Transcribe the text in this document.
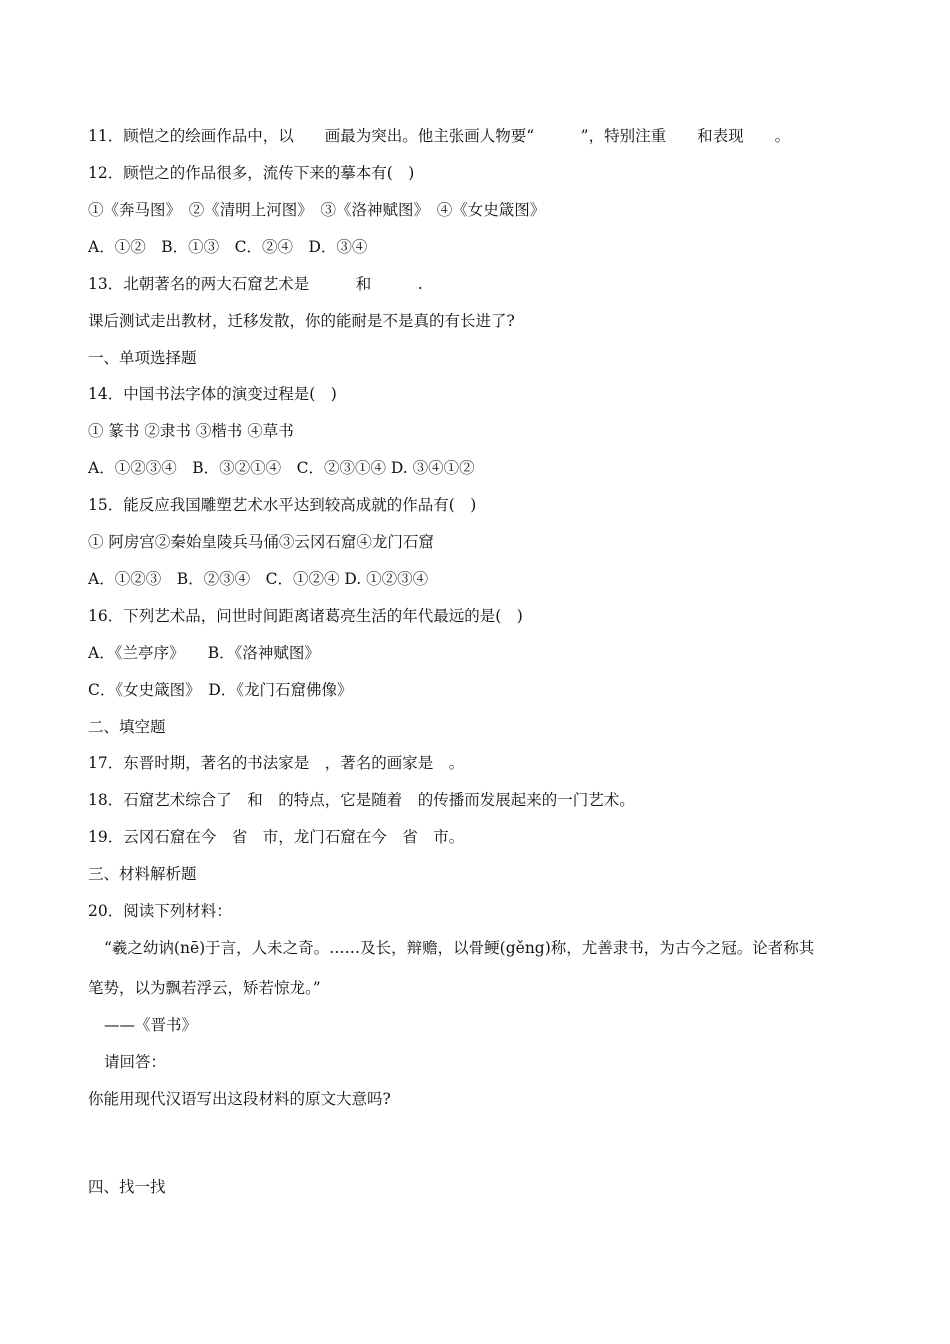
11．顾恺之的绘画作品中，以　　画最为突出。他主张画人物要“　　　”，特别注重　　和表现　　。
12．顾恺之的作品很多，流传下来的摹本有(　)
①《奔马图》　②《清明上河图》　③《洛神赋图》　④《女史箴图》
A．①②　B．①③　C．②④　D．③④
13．北朝著名的两大石窟艺术是　　　和　　　.
课后测试走出教材，迁移发散，你的能耐是不是真的有长进了?
一、单项选择题
14．中国书法字体的演变过程是(　)
① 篆书 ②隶书 ③楷书 ④草书
A．①②③④　B．③②①④　C．②③①④ D. ③④①②
15．能反应我国雕塑艺术水平达到较高成就的作品有(　)
① 阿房宫②秦始皇陵兵马俑③云冈石窟④龙门石窟
A．①②③　B．②③④　C．①②④ D. ①②③④
16．下列艺术品，问世时间距离诸葛亮生活的年代最远的是(　)
A．《兰亭序》　　B．《洛神赋图》
C．《女史箴图》　D．《龙门石窟佛像》
二、填空题
17．东晋时期，著名的书法家是　，著名的画家是　。
18．石窟艺术综合了　和　的特点，它是随着　的传播而发展起来的一门艺术。
19．云冈石窟在今　省　市，龙门石窟在今　省　市。
三、材料解析题
20．阅读下列材料：
“羲之幼讷(nē)于言，人未之奇。……及长，辩赡，以骨鲠(gěng)称，尤善隶书，为古今之冠。论者称其
笔势，以为飘若浮云，矫若惊龙。”
——《晋书》
请回答：
你能用现代汉语写出这段材料的原文大意吗?
四、找一找
